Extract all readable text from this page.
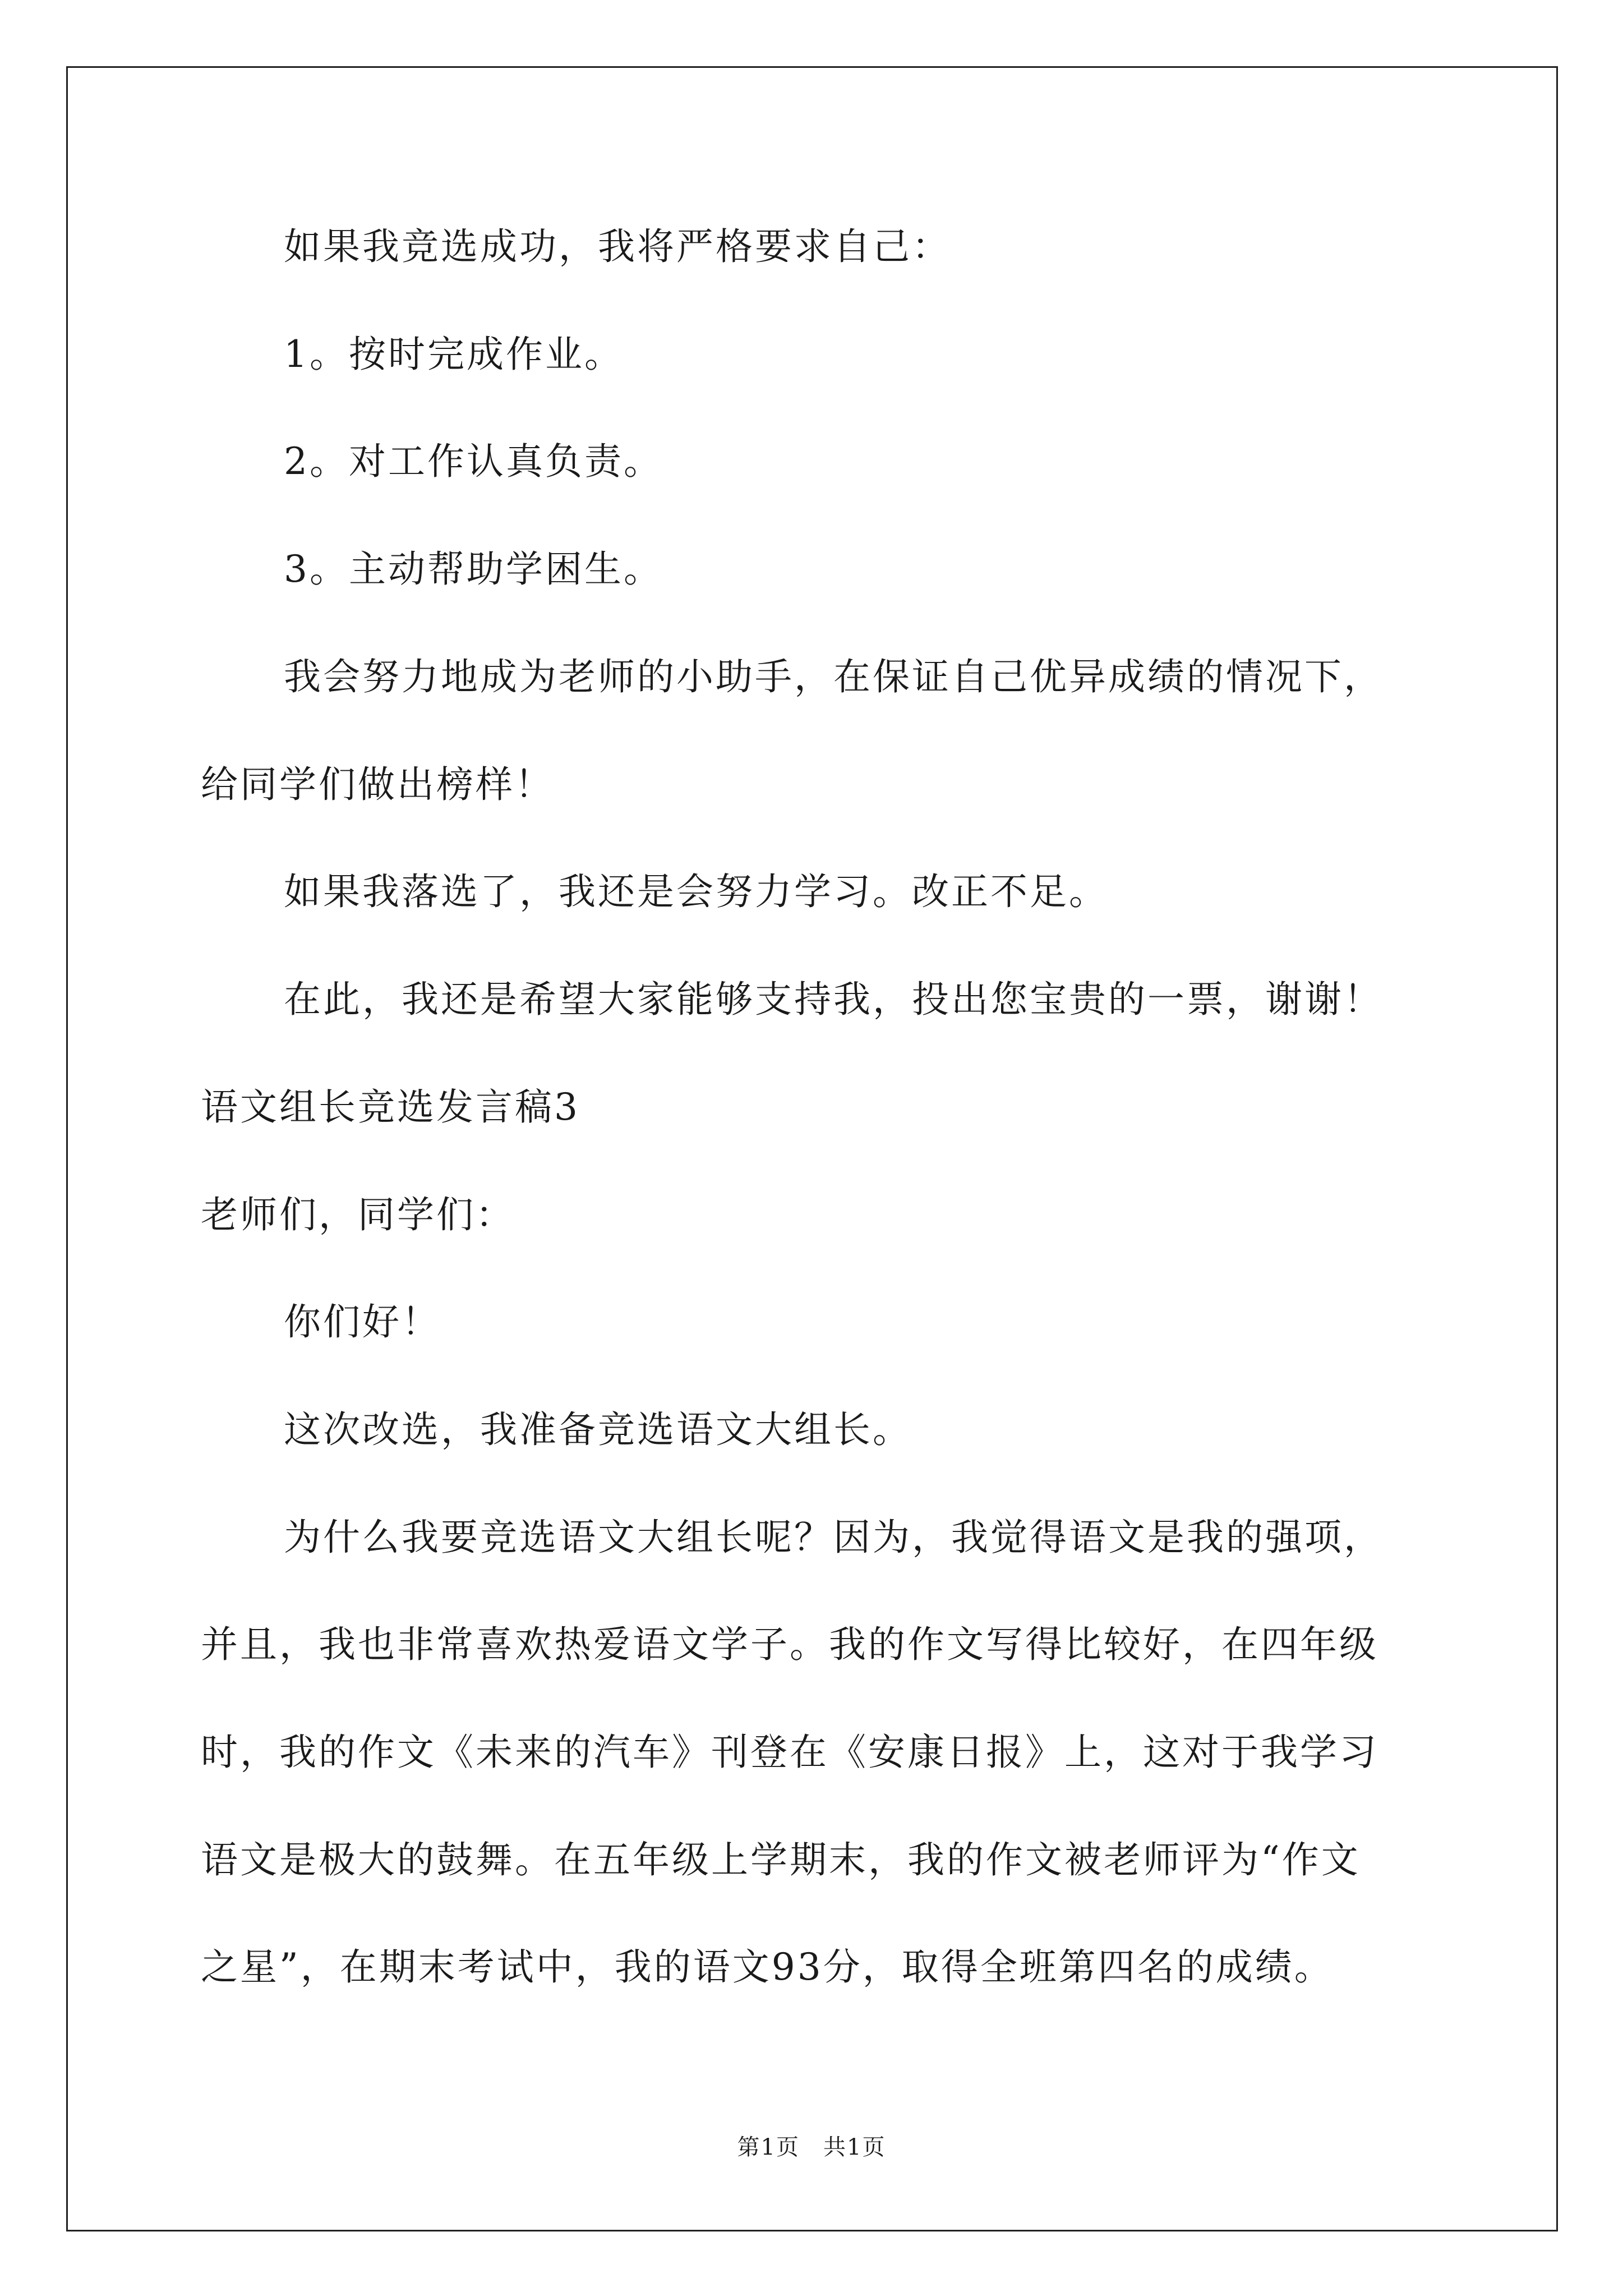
如果我竞选成功，我将严格要求自己：
1。按时完成作业。
2。对工作认真负责。
3。主动帮助学困生。
我会努力地成为老师的小助手，在保证自己优异成绩的情况下，
给同学们做出榜样！
如果我落选了，我还是会努力学习。改正不足。
在此，我还是希望大家能够支持我，投出您宝贵的一票，谢谢！
语文组长竞选发言稿3
老师们，同学们：
你们好！
这次改选，我准备竞选语文大组长。
为什么我要竞选语文大组长呢？因为，我觉得语文是我的强项，
并且，我也非常喜欢热爱语文学子。我的作文写得比较好，在四年级
时，我的作文《未来的汽车》刊登在《安康日报》上，这对于我学习
语文是极大的鼓舞。在五年级上学期末，我的作文被老师评为“作文
之星”，在期末考试中，我的语文93分，取得全班第四名的成绩。
第1页　共1页
